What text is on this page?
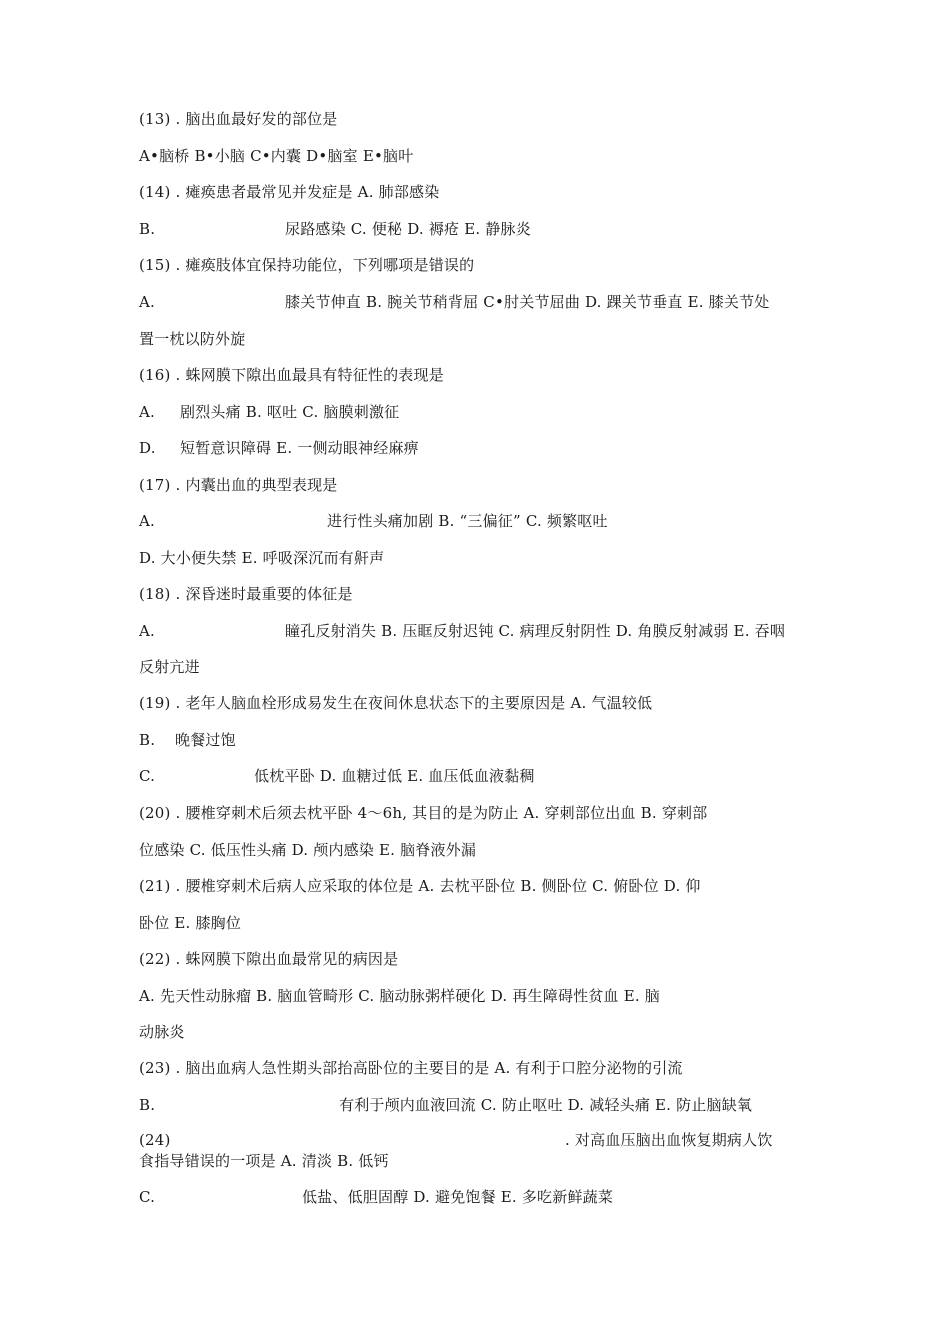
(13) . 脑出血最好发的部位是
A•脑桥 B•小脑 C•内囊 D•脑室 E•脑叶
(14) . 瘫痪患者最常见并发症是 A. 肺部感染
B.	尿路感染 C. 便秘 D. 褥疮 E. 静脉炎
(15) . 瘫痪肢体宜保持功能位，下列哪项是错误的
A.	膝关节伸直 B. 腕关节稍背屈 C•肘关节屈曲 D. 踝关节垂直 E. 膝关节处
置一枕以防外旋
(16) . 蛛网膜下隙出血最具有特征性的表现是
A. 剧烈头痛 B. 呕吐 C. 脑膜刺激征
D. 短暂意识障碍 E. 一侧动眼神经麻痹
(17) . 内囊出血的典型表现是
A.	进行性头痛加剧 B. “三偏征” C. 频繁呕吐
D. 大小便失禁 E. 呼吸深沉而有鼾声
(18) . 深昏迷时最重要的体征是
A.	瞳孔反射消失 B. 压眶反射迟钝 C. 病理反射阴性 D. 角膜反射减弱 E. 吞咽
反射亢进
(19) . 老年人脑血栓形成易发生在夜间休息状态下的主要原因是 A. 气温较低
B. 晚餐过饱
C.	低枕平卧 D. 血糖过低 E. 血压低血液黏稠
(20) . 腰椎穿刺术后须去枕平卧 4〜6h, 其目的是为防止 A. 穿刺部位出血 B. 穿刺部
位感染 C. 低压性头痛 D. 颅内感染 E. 脑脊液外漏
(21) . 腰椎穿刺术后病人应采取的体位是 A. 去枕平卧位 B. 侧卧位 C. 俯卧位 D. 仰
卧位 E. 膝胸位
(22) . 蛛网膜下隙出血最常见的病因是
A. 先天性动脉瘤 B. 脑血管畸形 C. 脑动脉粥样硬化 D. 再生障碍性贫血 E. 脑
动脉炎
(23) . 脑出血病人急性期头部抬高卧位的主要目的是 A. 有利于口腔分泌物的引流
B.	有利于颅内血液回流 C. 防止呕吐 D. 减轻头痛 E. 防止脑缺氧
(24)	. 对高血压脑出血恢复期病人饮
食指导错误的一项是 A. 清淡 B. 低钙
C.	低盐、低胆固醇 D. 避免饱餐 E. 多吃新鲜蔬菜
